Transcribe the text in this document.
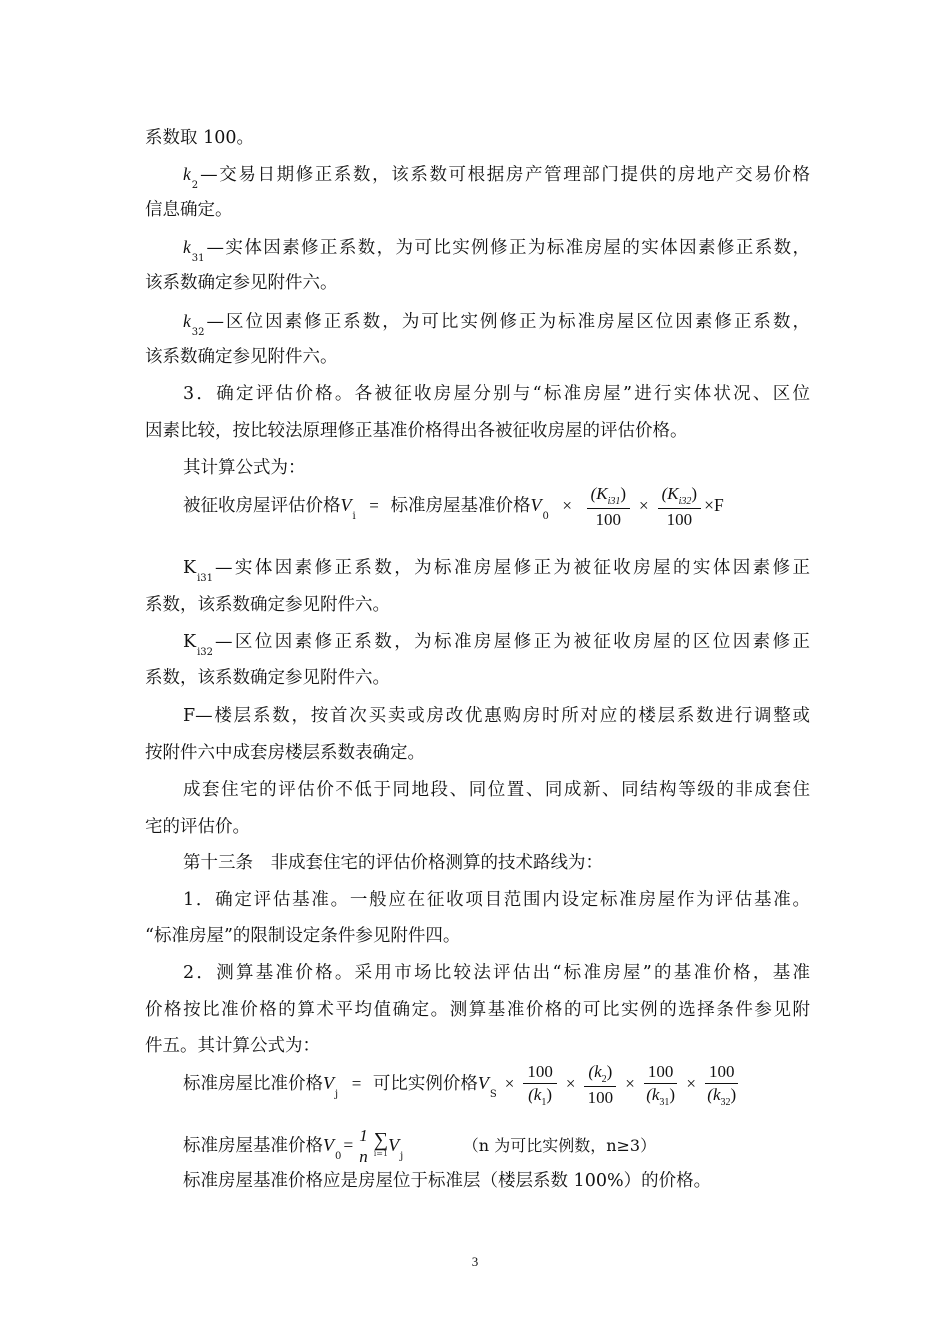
系数取 100。
$k_2—$交易日期修正系数，该系数可根据房产管理部门提供的房地产交易价格
信息确定。
$k_{31}—$实体因素修正系数，为可比实例修正为标准房屋的实体因素修正系数，
该系数确定参见附件六。
$k_{32}—$区位因素修正系数，为可比实例修正为标准房屋区位因素修正系数，
该系数确定参见附件六。
3．确定评估价格。各被征收房屋分别与“标准房屋”进行实体状况、区位
因素比较，按比较法原理修正基准价格得出各被征收房屋的评估价格。
其计算公式为：
被征收房屋评估价格$V_i$ = 标准房屋基准价格$V_0 \times \frac{(K_{i31})}{100} \times \frac{(K_{i32})}{100} \times F$
$K_{i31}—$实体因素修正系数，为标准房屋修正为被征收房屋的实体因素修正
系数，该系数确定参见附件六。
$K_{i32}—$区位因素修正系数，为标准房屋修正为被征收房屋的区位因素修正
系数，该系数确定参见附件六。
F—楼层系数，按首次买卖或房改优惠购房时所对应的楼层系数进行调整或
按附件六中成套房楼层系数表确定。
成套住宅的评估价不低于同地段、同位置、同成新、同结构等级的非成套住
宅的评估价。
第十三条　非成套住宅的评估价格测算的技术路线为：
1．确定评估基准。一般应在征收项目范围内设定标准房屋作为评估基准。
“标准房屋”的限制设定条件参见附件四。
2．测算基准价格。采用市场比较法评估出“标准房屋”的基准价格，基准
价格按比准价格的算术平均值确定。测算基准价格的可比实例的选择条件参见附
件五。其计算公式为：
标准房屋比准价格$V_j$ = 可比实例价格$V_S\times \frac{100}{(k_1)} \times \frac{(k_2)}{100} \times \frac{100}{(k_{31})} \times \frac{100}{(k_{32})}$
标准房屋基准价格$V_0= 1$
n
∑
i=1 $V_j$ （n 为可比实例数，n≥3）
标准房屋基准价格应是房屋位于标准层（楼层系数 100%）的价格。
3
